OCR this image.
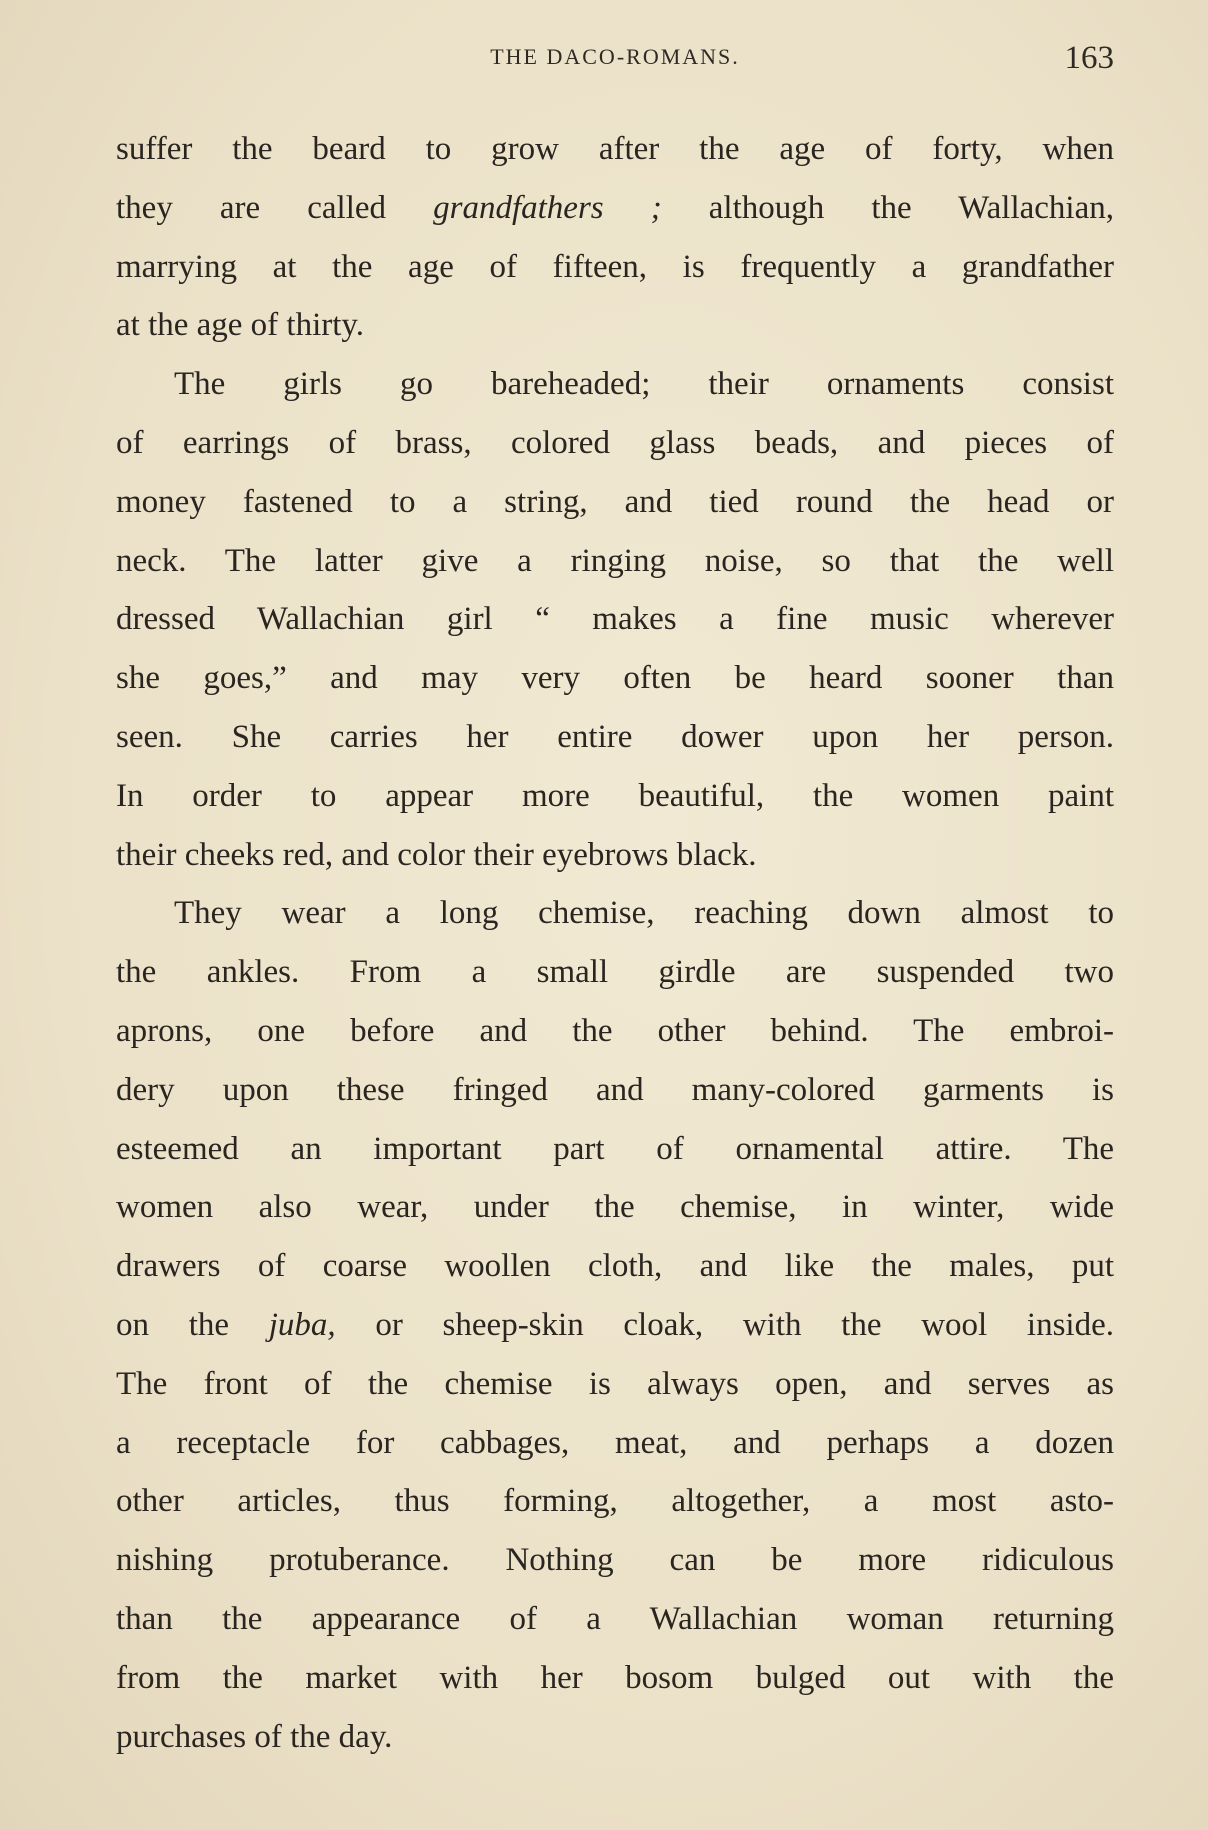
THE DACO-ROMANS.	163
suffer the beard to grow after the age of forty, when
they are called grandfathers ; although the Wallachian,
marrying at the age of fifteen, is frequently a grandfather
at the age of thirty.
The girls go bareheaded; their ornaments consist
of earrings of brass, colored glass beads, and pieces of
money fastened to a string, and tied round the head or
neck. The latter give a ringing noise, so that the well
dressed Wallachian girl “ makes a fine music wherever
she goes,” and may very often be heard sooner than
seen. She carries her entire dower upon her person.
In order to appear more beautiful, the women paint
their cheeks red, and color their eyebrows black.
They wear a long chemise, reaching down almost to
the ankles. From a small girdle are suspended two
aprons, one before and the other behind. The embroi-
dery upon these fringed and many-colored garments is
esteemed an important part of ornamental attire. The
women also wear, under the chemise, in winter, wide
drawers of coarse woollen cloth, and like the males, put
on the juba, or sheep-skin cloak, with the wool inside.
The front of the chemise is always open, and serves as
a receptacle for cabbages, meat, and perhaps a dozen
other articles, thus forming, altogether, a most asto-
nishing protuberance. Nothing can be more ridiculous
than the appearance of a Wallachian woman returning
from the market with her bosom bulged out with the
purchases of the day.
